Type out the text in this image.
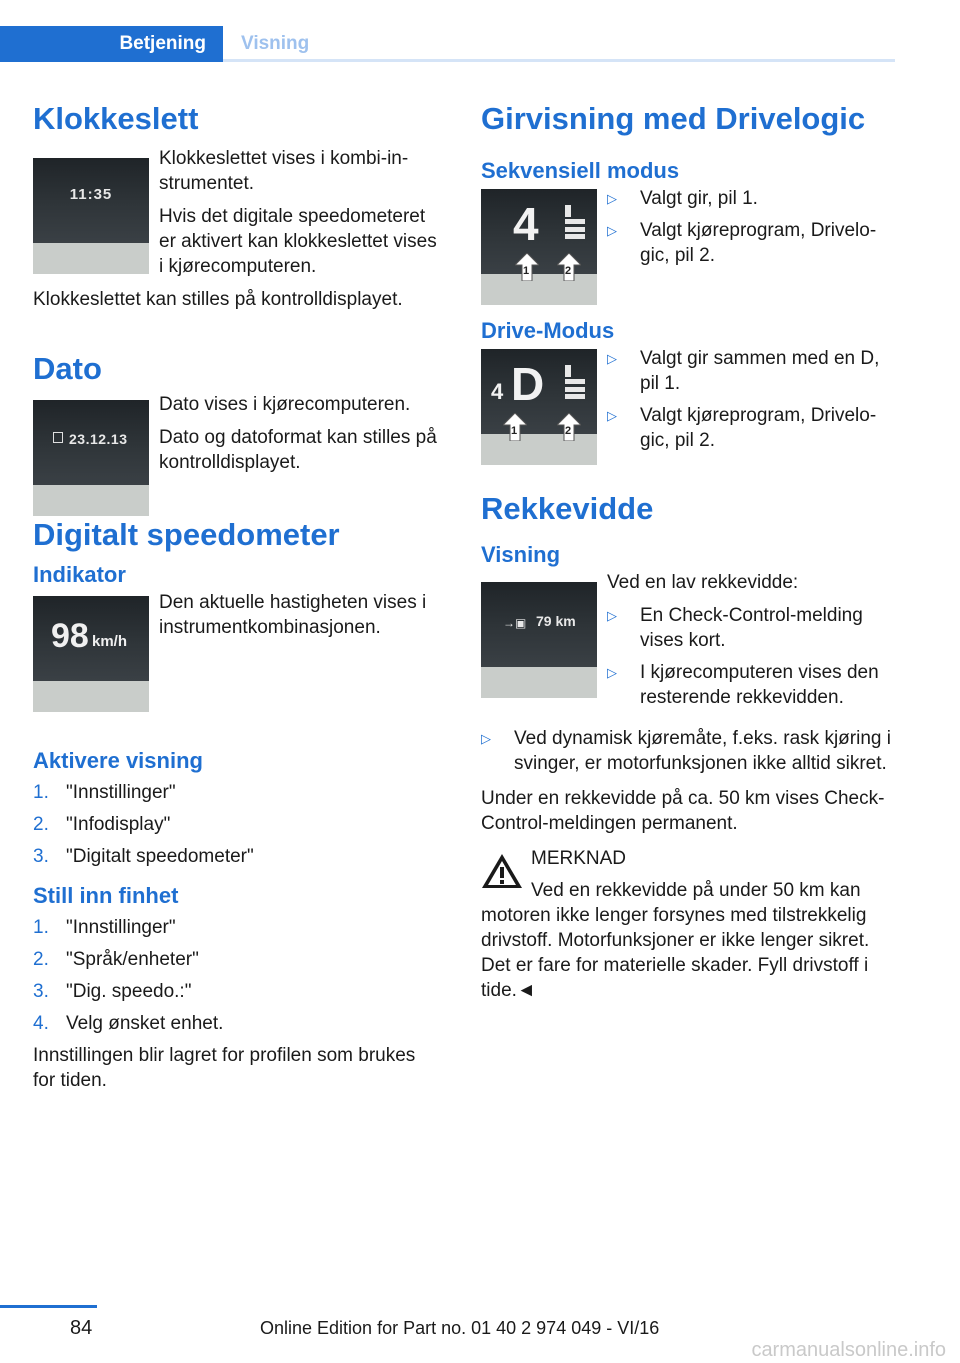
Betjening	Visning
Klokkeslett
11:35

Klokkeslettet vises i kombi-instrumentet.

Hvis det digitale speedometeret er aktivert kan klokkeslettet vises i kjørecomputeren.

Klokkeslettet kan stilles på kontrolldisplayet.

Dato
23.12.13

Dato vises i kjørecomputeren.

Dato og datoformat kan stilles på kontrolldisplayet.

Digitalt speedometer
Indikator
98 km/h

Den aktuelle hastigheten vises i instrumentkombinasjonen.

Aktivere visning
1. "Innstillinger"
2. "Infodisplay"
3. "Digitalt speedometer"
Still inn finhet
1. "Innstillinger"
2. "Språk/enheter"
3. "Dig. speedo.:"
4. Velg ønsket enhet.

Innstillingen blir lagret for profilen som brukes for tiden.

Girvisning med Drivelogic
Sekvensiell modus
4
1	2
▷ Valgt gir, pil 1.
▷ Valgt kjøreprogram, Drivelogic, pil 2.
Drive-Modus
4 D
1	2
▷ Valgt gir sammen med en D, pil 1.
▷ Valgt kjøreprogram, Drivelogic, pil 2.
Rekkevidde
Visning
→▣ 79 km

Ved en lav rekkevidde:

▷ En Check-Control-melding vises kort.
▷ I kjørecomputeren vises den resterende rekkevidden.
▷ Ved dynamisk kjøremåte, f.eks. rask kjøring i svinger, er motorfunksjonen ikke alltid sikret.

Under en rekkevidde på ca. 50 km vises Check-Control-meldingen permanent.

MERKNAD

Ved en rekkevidde på under 50 km kan

motoren ikke lenger forsynes med tilstrekkelig drivstoff. Motorfunksjoner er ikke lenger sikret. Det er fare for materielle skader. Fyll drivstoff i tide.◄

84	Online Edition for Part no. 01 40 2 974 049 - VI/16
carmanualsonline.info
